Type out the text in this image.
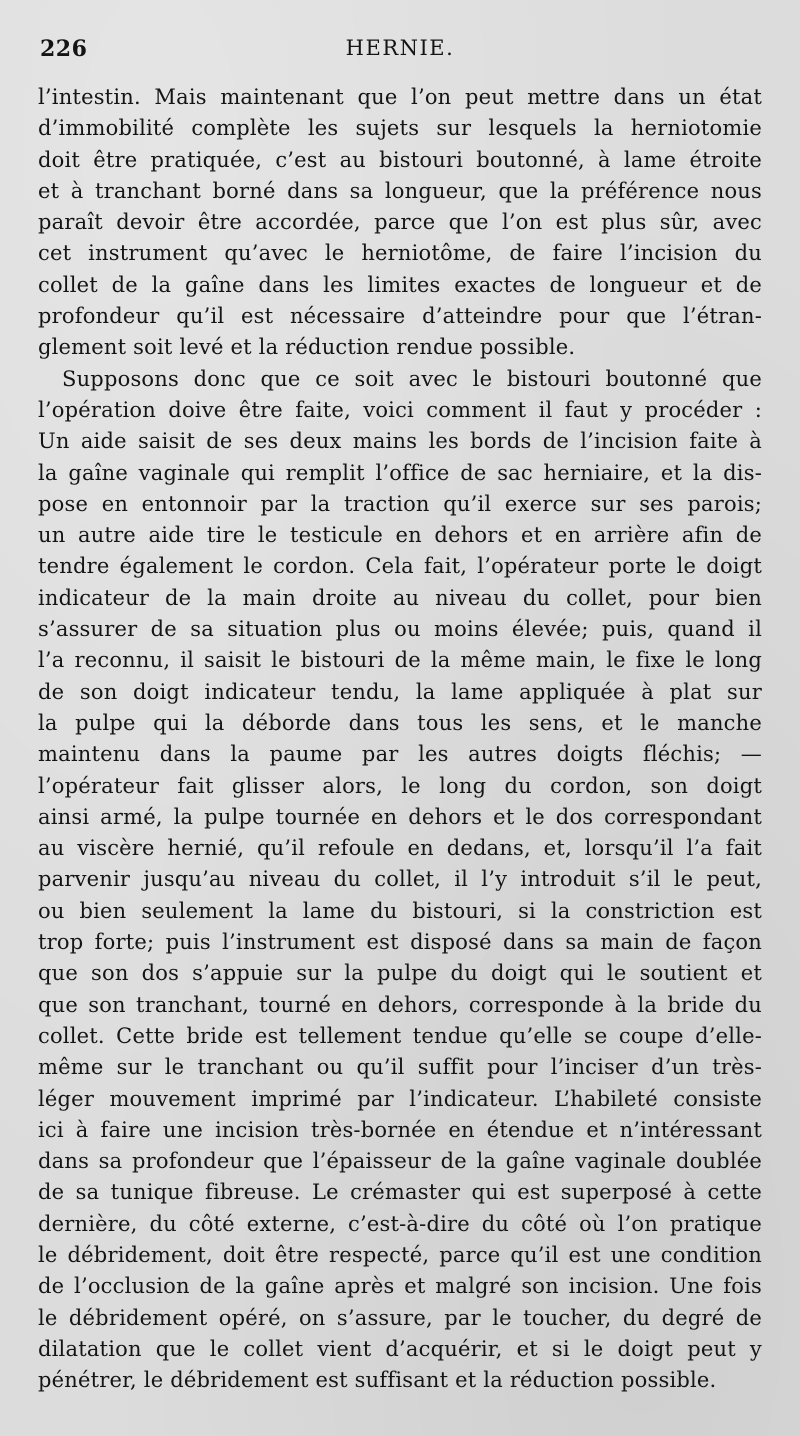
226	HERNIE.
l’intestin. Mais maintenant que l’on peut mettre dans un état
d’immobilité complète les sujets sur lesquels la herniotomie
doit être pratiquée, c’est au bistouri boutonné, à lame étroite
et à tranchant borné dans sa longueur, que la préférence nous
paraît devoir être accordée, parce que l’on est plus sûr, avec
cet instrument qu’avec le herniotôme, de faire l’incision du
collet de la gaîne dans les limites exactes de longueur et de
profondeur qu’il est nécessaire d’atteindre pour que l’étran-
glement soit levé et la réduction rendue possible.
Supposons donc que ce soit avec le bistouri boutonné que
l’opération doive être faite, voici comment il faut y procéder :
Un aide saisit de ses deux mains les bords de l’incision faite à
la gaîne vaginale qui remplit l’office de sac herniaire, et la dis-
pose en entonnoir par la traction qu’il exerce sur ses parois;
un autre aide tire le testicule en dehors et en arrière afin de
tendre également le cordon. Cela fait, l’opérateur porte le doigt
indicateur de la main droite au niveau du collet, pour bien
s’assurer de sa situation plus ou moins élevée; puis, quand il
l’a reconnu, il saisit le bistouri de la même main, le fixe le long
de son doigt indicateur tendu, la lame appliquée à plat sur
la pulpe qui la déborde dans tous les sens, et le manche
maintenu dans la paume par les autres doigts fléchis; —
l’opérateur fait glisser alors, le long du cordon, son doigt
ainsi armé, la pulpe tournée en dehors et le dos correspondant
au viscère hernié, qu’il refoule en dedans, et, lorsqu’il l’a fait
parvenir jusqu’au niveau du collet, il l’y introduit s’il le peut,
ou bien seulement la lame du bistouri, si la constriction est
trop forte; puis l’instrument est disposé dans sa main de façon
que son dos s’appuie sur la pulpe du doigt qui le soutient et
que son tranchant, tourné en dehors, corresponde à la bride du
collet. Cette bride est tellement tendue qu’elle se coupe d’elle-
même sur le tranchant ou qu’il suffit pour l’inciser d’un très-
léger mouvement imprimé par l’indicateur. L’habileté consiste
ici à faire une incision très-bornée en étendue et n’intéressant
dans sa profondeur que l’épaisseur de la gaîne vaginale doublée
de sa tunique fibreuse. Le crémaster qui est superposé à cette
dernière, du côté externe, c’est-à-dire du côté où l’on pratique
le débridement, doit être respecté, parce qu’il est une condition
de l’occlusion de la gaîne après et malgré son incision. Une fois
le débridement opéré, on s’assure, par le toucher, du degré de
dilatation que le collet vient d’acquérir, et si le doigt peut y
pénétrer, le débridement est suffisant et la réduction possible.
